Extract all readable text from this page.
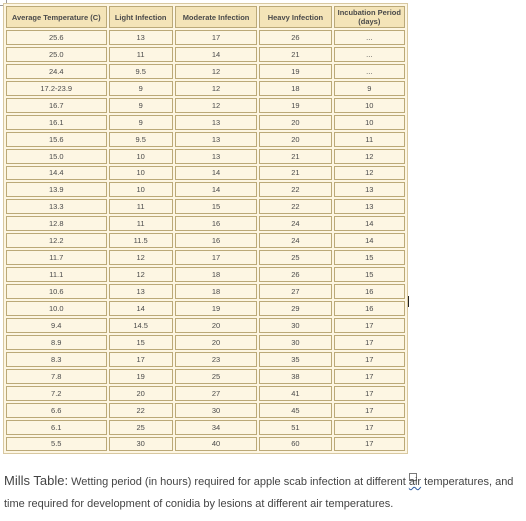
Average Temperature (C)	Light Infection	Moderate Infection	Heavy Infection	Incubation Period (days)
25.6	13	17	26	...
25.0	11	14	21	...
24.4	9.5	12	19	...
17.2-23.9	9	12	18	9
16.7	9	12	19	10
16.1	9	13	20	10
15.6	9.5	13	20	11
15.0	10	13	21	12
14.4	10	14	21	12
13.9	10	14	22	13
13.3	11	15	22	13
12.8	11	16	24	14
12.2	11.5	16	24	14
11.7	12	17	25	15
11.1	12	18	26	15
10.6	13	18	27	16
10.0	14	19	29	16
9.4	14.5	20	30	17
8.9	15	20	30	17
8.3	17	23	35	17
7.8	19	25	38	17
7.2	20	27	41	17
6.6	22	30	45	17
6.1	25	34	51	17
5.5	30	40	60	17
Mills Table: Wetting period (in hours) required for apple scab infection at different air temperatures, and time required for development of conidia by lesions at different air temperatures.
